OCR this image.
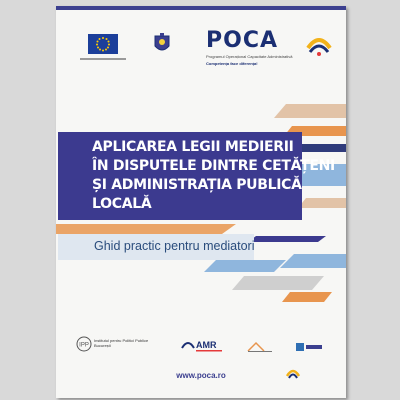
POCA
Programul Operațional Capacitate Administrativă
Competența face diferența!
APLICAREA LEGII MEDIERII
ÎN DISPUTELE DINTRE CETĂȚENI
ȘI ADMINISTRAȚIA PUBLICĂ LOCALĂ
Ghid practic pentru mediatori
IPP
Institutul pentru Politici Publice
București	AMR
www.poca.ro
